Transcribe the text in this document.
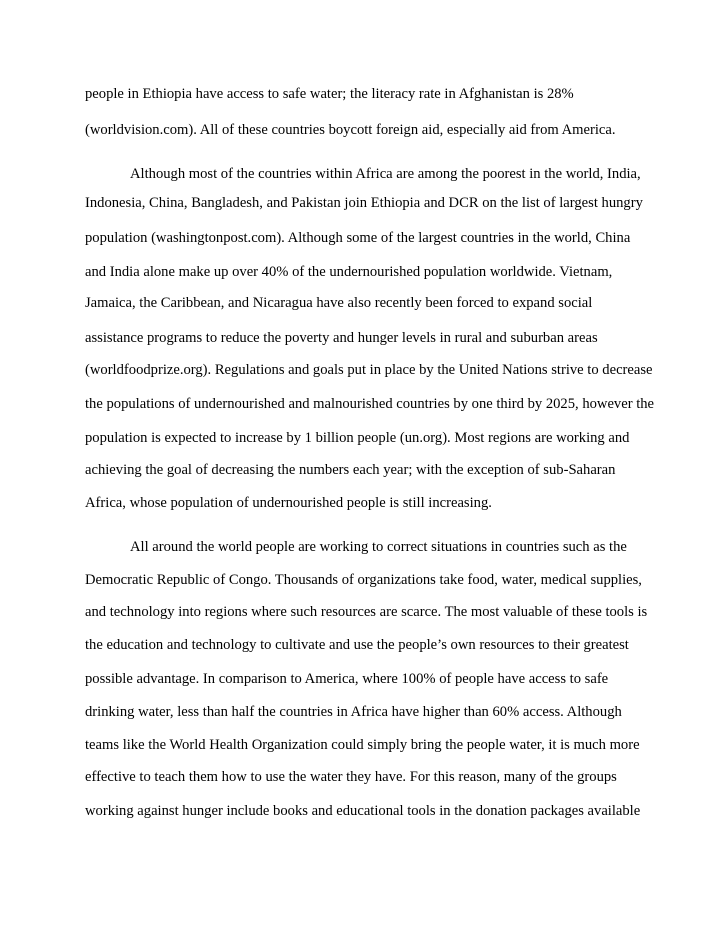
people in Ethiopia have access to safe water; the literacy rate in Afghanistan is 28%

(worldvision.com). All of these countries boycott foreign aid, especially aid from America.

Although most of the countries within Africa are among the poorest in the world, India,

Indonesia, China, Bangladesh, and Pakistan join Ethiopia and DCR on the list of largest hungry

population (washingtonpost.com). Although some of the largest countries in the world, China

and India alone make up over 40% of the undernourished population worldwide. Vietnam,

Jamaica, the Caribbean, and Nicaragua have also recently been forced to expand social

assistance programs to reduce the poverty and hunger levels in rural and suburban areas

(worldfoodprize.org). Regulations and goals put in place by the United Nations strive to decrease

the populations of undernourished and malnourished countries by one third by 2025, however the

population is expected to increase by 1 billion people (un.org). Most regions are working and

achieving the goal of decreasing the numbers each year; with the exception of sub-Saharan

Africa, whose population of undernourished people is still increasing.

All around the world people are working to correct situations in countries such as the

Democratic Republic of Congo. Thousands of organizations take food, water, medical supplies,

and technology into regions where such resources are scarce. The most valuable of these tools is

the education and technology to cultivate and use the people’s own resources to their greatest

possible advantage. In comparison to America, where 100% of people have access to safe

drinking water, less than half the countries in Africa have higher than 60% access. Although

teams like the World Health Organization could simply bring the people water, it is much more

effective to teach them how to use the water they have. For this reason, many of the groups

working against hunger include books and educational tools in the donation packages available
